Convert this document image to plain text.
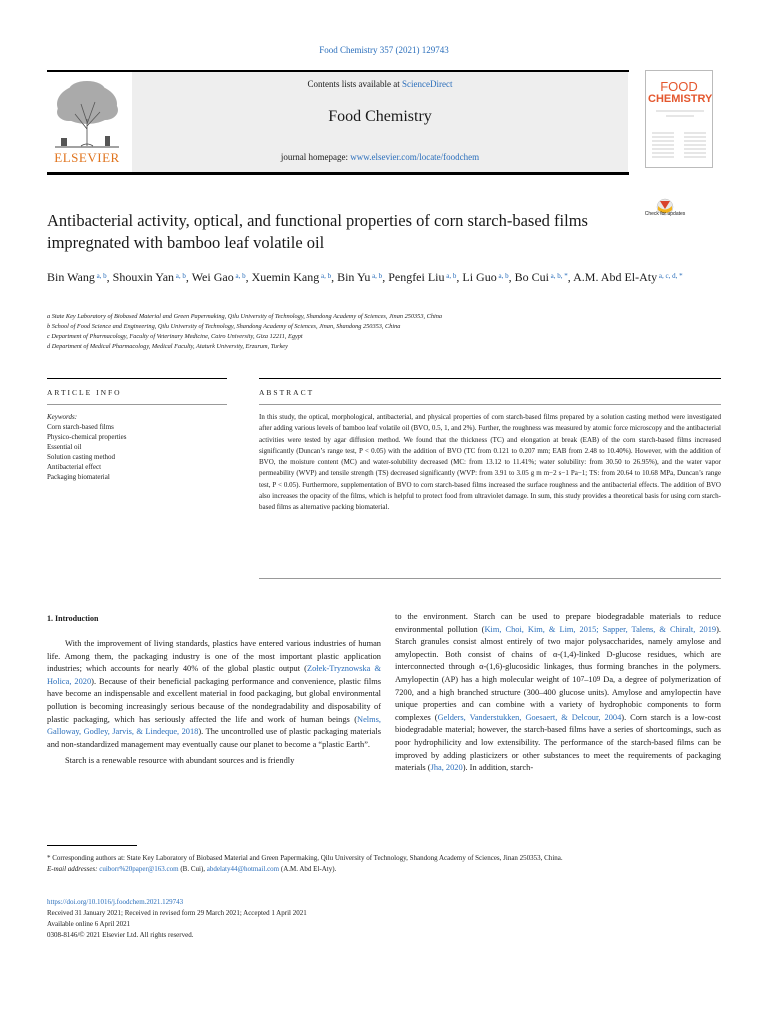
Food Chemistry 357 (2021) 129743
ELSEVIER
Contents lists available at ScienceDirect
Food Chemistry
journal homepage: www.elsevier.com/locate/foodchem
FOOD
CHEMISTRY
Check for updates
Antibacterial activity, optical, and functional properties of corn starch-based films impregnated with bamboo leaf volatile oil
Bin Wang $^{a, b}$, Shouxin Yan $^{a, b}$, Wei Gao $^{a, b}$, Xuemin Kang $^{a, b}$, Bin Yu $^{a, b}$, Pengfei Liu $^{a, b}$, Li Guo $^{a, b}$, Bo Cui $^{a, b, *}$, A.M. Abd El-Aty $^{a, c, d, *}$
a State Key Laboratory of Biobased Material and Green Papermaking, Qilu University of Technology, Shandong Academy of Sciences, Jinan 250353, China
b School of Food Science and Engineering, Qilu University of Technology, Shandong Academy of Sciences, Jinan, Shandong 250353, China
c Department of Pharmacology, Faculty of Veterinary Medicine, Cairo University, Giza 12211, Egypt
d Department of Medical Pharmacology, Medical Faculty, Ataturk University, Erzurum, Turkey
ARTICLE INFO	ABSTRACT
Keywords:
Corn starch-based films
Physico-chemical properties
Essential oil
Solution casting method
Antibacterial effect
Packaging biomaterial
In this study, the optical, morphological, antibacterial, and physical properties of corn starch-based films prepared by a solution casting method were investigated after adding various levels of bamboo leaf volatile oil (BVO, 0.5, 1, and 2%). Further, the roughness was measured by atomic force microscopy and the antibacterial activities were tested by agar diffusion method. We found that the thickness (TC) and elongation at break (EAB) of the corn starch-based films increased significantly (Duncan’s range test, P < 0.05) with the addition of BVO (TC from 0.121 to 0.207 mm; EAB from 2.48 to 10.40%). However, with the addition of BVO, the moisture content (MC) and water-solubility decreased (MC: from 13.12 to 11.41%; water solubility: from 30.50 to 26.95%), and the water vapor permeability (WVP) and tensile strength (TS) decreased significantly (WVP: from 3.91 to 3.05 g m m−2 s−1 Pa−1; TS: from 20.64 to 10.68 MPa, Duncan’s range test, P < 0.05). Furthermore, supplementation of BVO to corn starch-based films increased the surface roughness and the antibacterial effects. The addition of BVO also increases the opacity of the films, which is helpful to protect food from ultraviolet damage. In sum, this study provides a theoretical basis for using corn starch-based films as alternative packing biomaterial.
1. Introduction

With the improvement of living standards, plastics have entered various industries of human life. Among them, the packaging industry is one of the most important plastic application industries; which accounts for nearly 40% of the global plastic output (Zołek-Tryznowska & Holica, 2020). Because of their beneficial packaging performance and convenience, plastic films have become an indispensable and excellent material in food packaging, but global environmental pollution is becoming increasingly serious because of the nondegradability and disposability of plastic packaging, which has seriously affected the life and work of human beings (Nelms, Galloway, Godley, Jarvis, & Lindeque, 2018). The uncontrolled use of plastic packaging materials and non-standardized management may eventually cause our planet to become a “plastic Earth”.

Starch is a renewable resource with abundant sources and is friendly

to the environment. Starch can be used to prepare biodegradable materials to reduce environmental pollution (Kim, Choi, Kim, & Lim, 2015; Sapper, Talens, & Chiralt, 2019). Starch granules consist almost entirely of two major polysaccharides, namely amylose and amylopectin. Both consist of chains of α-(1,4)-linked D-glucose residues, which are interconnected through α-(1,6)-glucosidic linkages, thus forming branches in the polymers. Amylopectin (AP) has a high molecular weight of $10^7-10^9$ Da, a degree of polymerization of 7200, and a high branched structure (300–400 glucose units). Amylose and amylopectin have unique properties and can combine with a variety of hydrophobic components to form complexes (Gelders, Vanderstukken, Goesaert, & Delcour, 2004). Corn starch is a low-cost biodegradable material; however, the starch-based films have a series of shortcomings, such as poor hydrophilicity and low extensibility. The performance of the starch-based films can be improved by adding plasticizers or other substances to meet the requirements of packaging materials (Jha, 2020). In addition, starch-

* Corresponding authors at: State Key Laboratory of Biobased Material and Green Papermaking, Qilu University of Technology, Shandong Academy of Sciences, Jinan 250353, China.
E-mail addresses: cuiborr%20paper@163.com (B. Cui), abdelaty44@hotmail.com (A.M. Abd El-Aty).
https://doi.org/10.1016/j.foodchem.2021.129743
Received 31 January 2021; Received in revised form 29 March 2021; Accepted 1 April 2021
Available online 6 April 2021
0308-8146/© 2021 Elsevier Ltd. All rights reserved.
